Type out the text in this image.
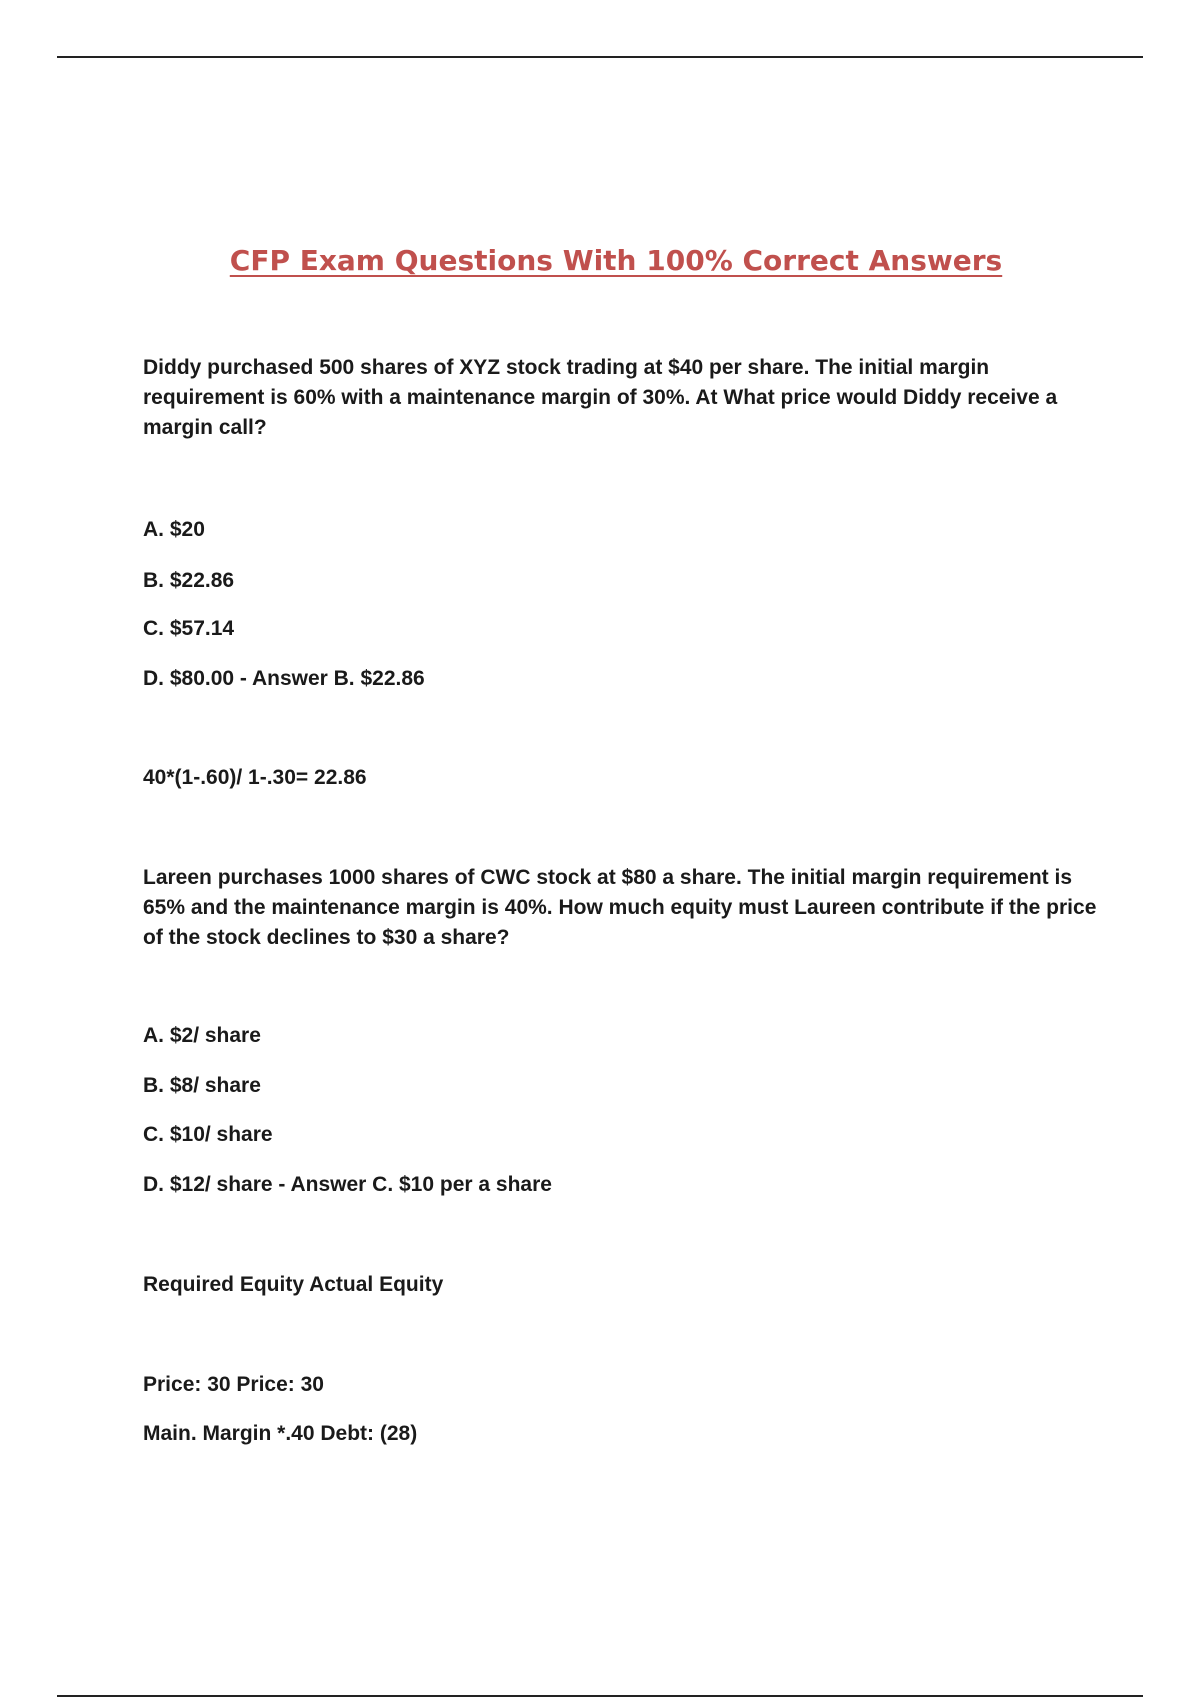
CFP Exam Questions With 100% Correct Answers

Diddy purchased 500 shares of XYZ stock trading at $40 per share. The initial margin requirement is 60% with a maintenance margin of 30%. At What price would Diddy receive a margin call?

A. $20

B. $22.86

C. $57.14

D. $80.00 - Answer B. $22.86

40*(1-.60)/ 1-.30= 22.86

Lareen purchases 1000 shares of CWC stock at $80 a share. The initial margin requirement is 65% and the maintenance margin is 40%. How much equity must Laureen contribute if the price of the stock declines to $30 a share?

A. $2/ share

B. $8/ share

C. $10/ share

D. $12/ share - Answer C. $10 per a share

Required Equity Actual Equity

Price: 30 Price: 30

Main. Margin *.40 Debt: (28)
